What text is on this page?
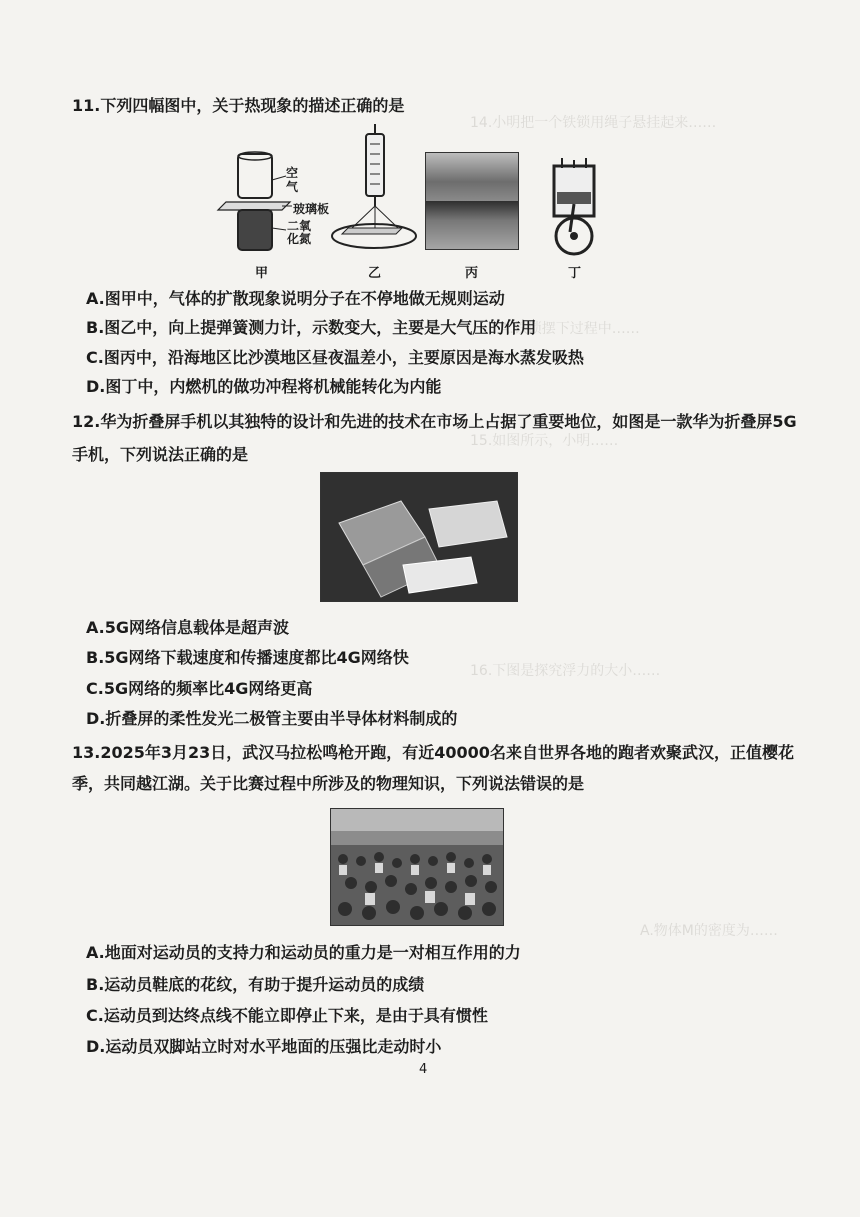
14.小明把一个铁锁用绳子悬挂起来……
A.铁锁摆下过程中……
15.如图所示，小明……
16.下图是探究浮力的大小……
A.物体M的密度为……
11.下列四幅图中，关于热现象的描述正确的是
空气
玻璃板
二氧化氮
甲	乙	丙	丁
A.图甲中，气体的扩散现象说明分子在不停地做无规则运动
B.图乙中，向上提弹簧测力计，示数变大，主要是大气压的作用
C.图丙中，沿海地区比沙漠地区昼夜温差小，主要原因是海水蒸发吸热
D.图丁中，内燃机的做功冲程将机械能转化为内能
12.华为折叠屏手机以其独特的设计和先进的技术在市场上占据了重要地位，如图是一款华为折叠屏5G手机，下列说法正确的是
A.5G网络信息载体是超声波
B.5G网络下载速度和传播速度都比4G网络快
C.5G网络的频率比4G网络更高
D.折叠屏的柔性发光二极管主要由半导体材料制成的
13.2025年3月23日，武汉马拉松鸣枪开跑，有近40000名来自世界各地的跑者欢聚武汉，正值樱花季，共同越江湖。关于比赛过程中所涉及的物理知识，下列说法错误的是
A.地面对运动员的支持力和运动员的重力是一对相互作用的力
B.运动员鞋底的花纹，有助于提升运动员的成绩
C.运动员到达终点线不能立即停止下来，是由于具有惯性
D.运动员双脚站立时对水平地面的压强比走动时小
4
